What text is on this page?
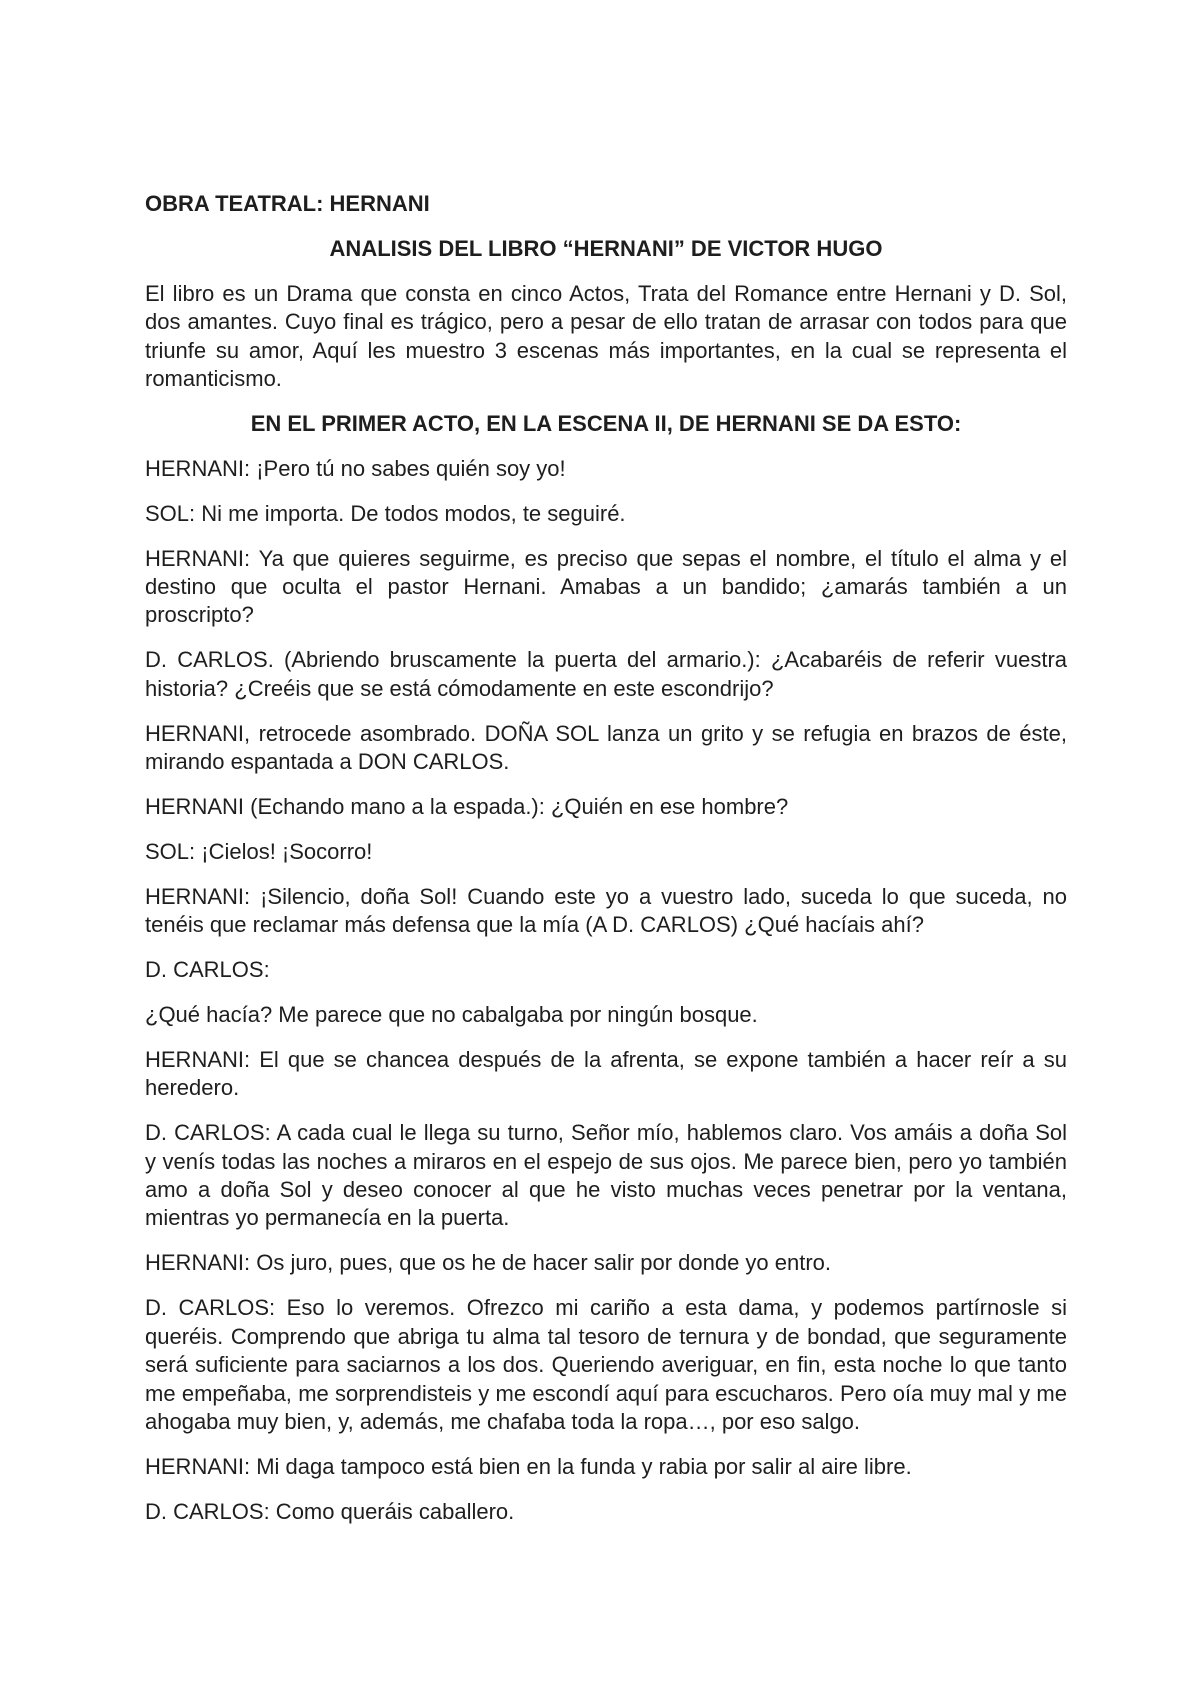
OBRA TEATRAL: HERNANI

ANALISIS DEL LIBRO “HERNANI” DE VICTOR HUGO

El libro es un Drama que consta en cinco Actos, Trata del Romance entre Hernani y D. Sol, dos amantes. Cuyo final es trágico, pero a pesar de ello tratan de arrasar con todos para que triunfe su amor, Aquí les muestro 3 escenas más importantes, en la cual se representa el romanticismo.

EN EL PRIMER ACTO, EN LA ESCENA II, DE HERNANI SE DA ESTO:

HERNANI: ¡Pero tú no sabes quién soy yo!

SOL: Ni me importa. De todos modos, te seguiré.

HERNANI: Ya que quieres seguirme, es preciso que sepas el nombre, el título el alma y el destino que oculta el pastor Hernani. Amabas a un bandido; ¿amarás también a un proscripto?

D. CARLOS. (Abriendo bruscamente la puerta del armario.): ¿Acabaréis de referir vuestra historia? ¿Creéis que se está cómodamente en este escondrijo?

HERNANI, retrocede asombrado. DOÑA SOL lanza un grito y se refugia en brazos de éste, mirando espantada a DON CARLOS.

HERNANI (Echando mano a la espada.): ¿Quién en ese hombre?

SOL: ¡Cielos! ¡Socorro!

HERNANI: ¡Silencio, doña Sol! Cuando este yo a vuestro lado, suceda lo que suceda, no tenéis que reclamar más defensa que la mía (A D. CARLOS) ¿Qué hacíais ahí?

D. CARLOS:

¿Qué hacía? Me parece que no cabalgaba por ningún bosque.

HERNANI: El que se chancea después de la afrenta, se expone también a hacer reír a su heredero.

D. CARLOS: A cada cual le llega su turno, Señor mío, hablemos claro. Vos amáis a doña Sol y venís todas las noches a miraros en el espejo de sus ojos. Me parece bien, pero yo también amo a doña Sol y deseo conocer al que he visto muchas veces penetrar por la ventana, mientras yo permanecía en la puerta.

HERNANI: Os juro, pues, que os he de hacer salir por donde yo entro.

D. CARLOS: Eso lo veremos. Ofrezco mi cariño a esta dama, y podemos partírnosle si queréis. Comprendo que abriga tu alma tal tesoro de ternura y de bondad, que seguramente será suficiente para saciarnos a los dos. Queriendo averiguar, en fin, esta noche lo que tanto me empeñaba, me sorprendisteis y me escondí aquí para escucharos. Pero oía muy mal y me ahogaba muy bien, y, además, me chafaba toda la ropa…, por eso salgo.

HERNANI: Mi daga tampoco está bien en la funda y rabia por salir al aire libre.

D. CARLOS: Como queráis caballero.
